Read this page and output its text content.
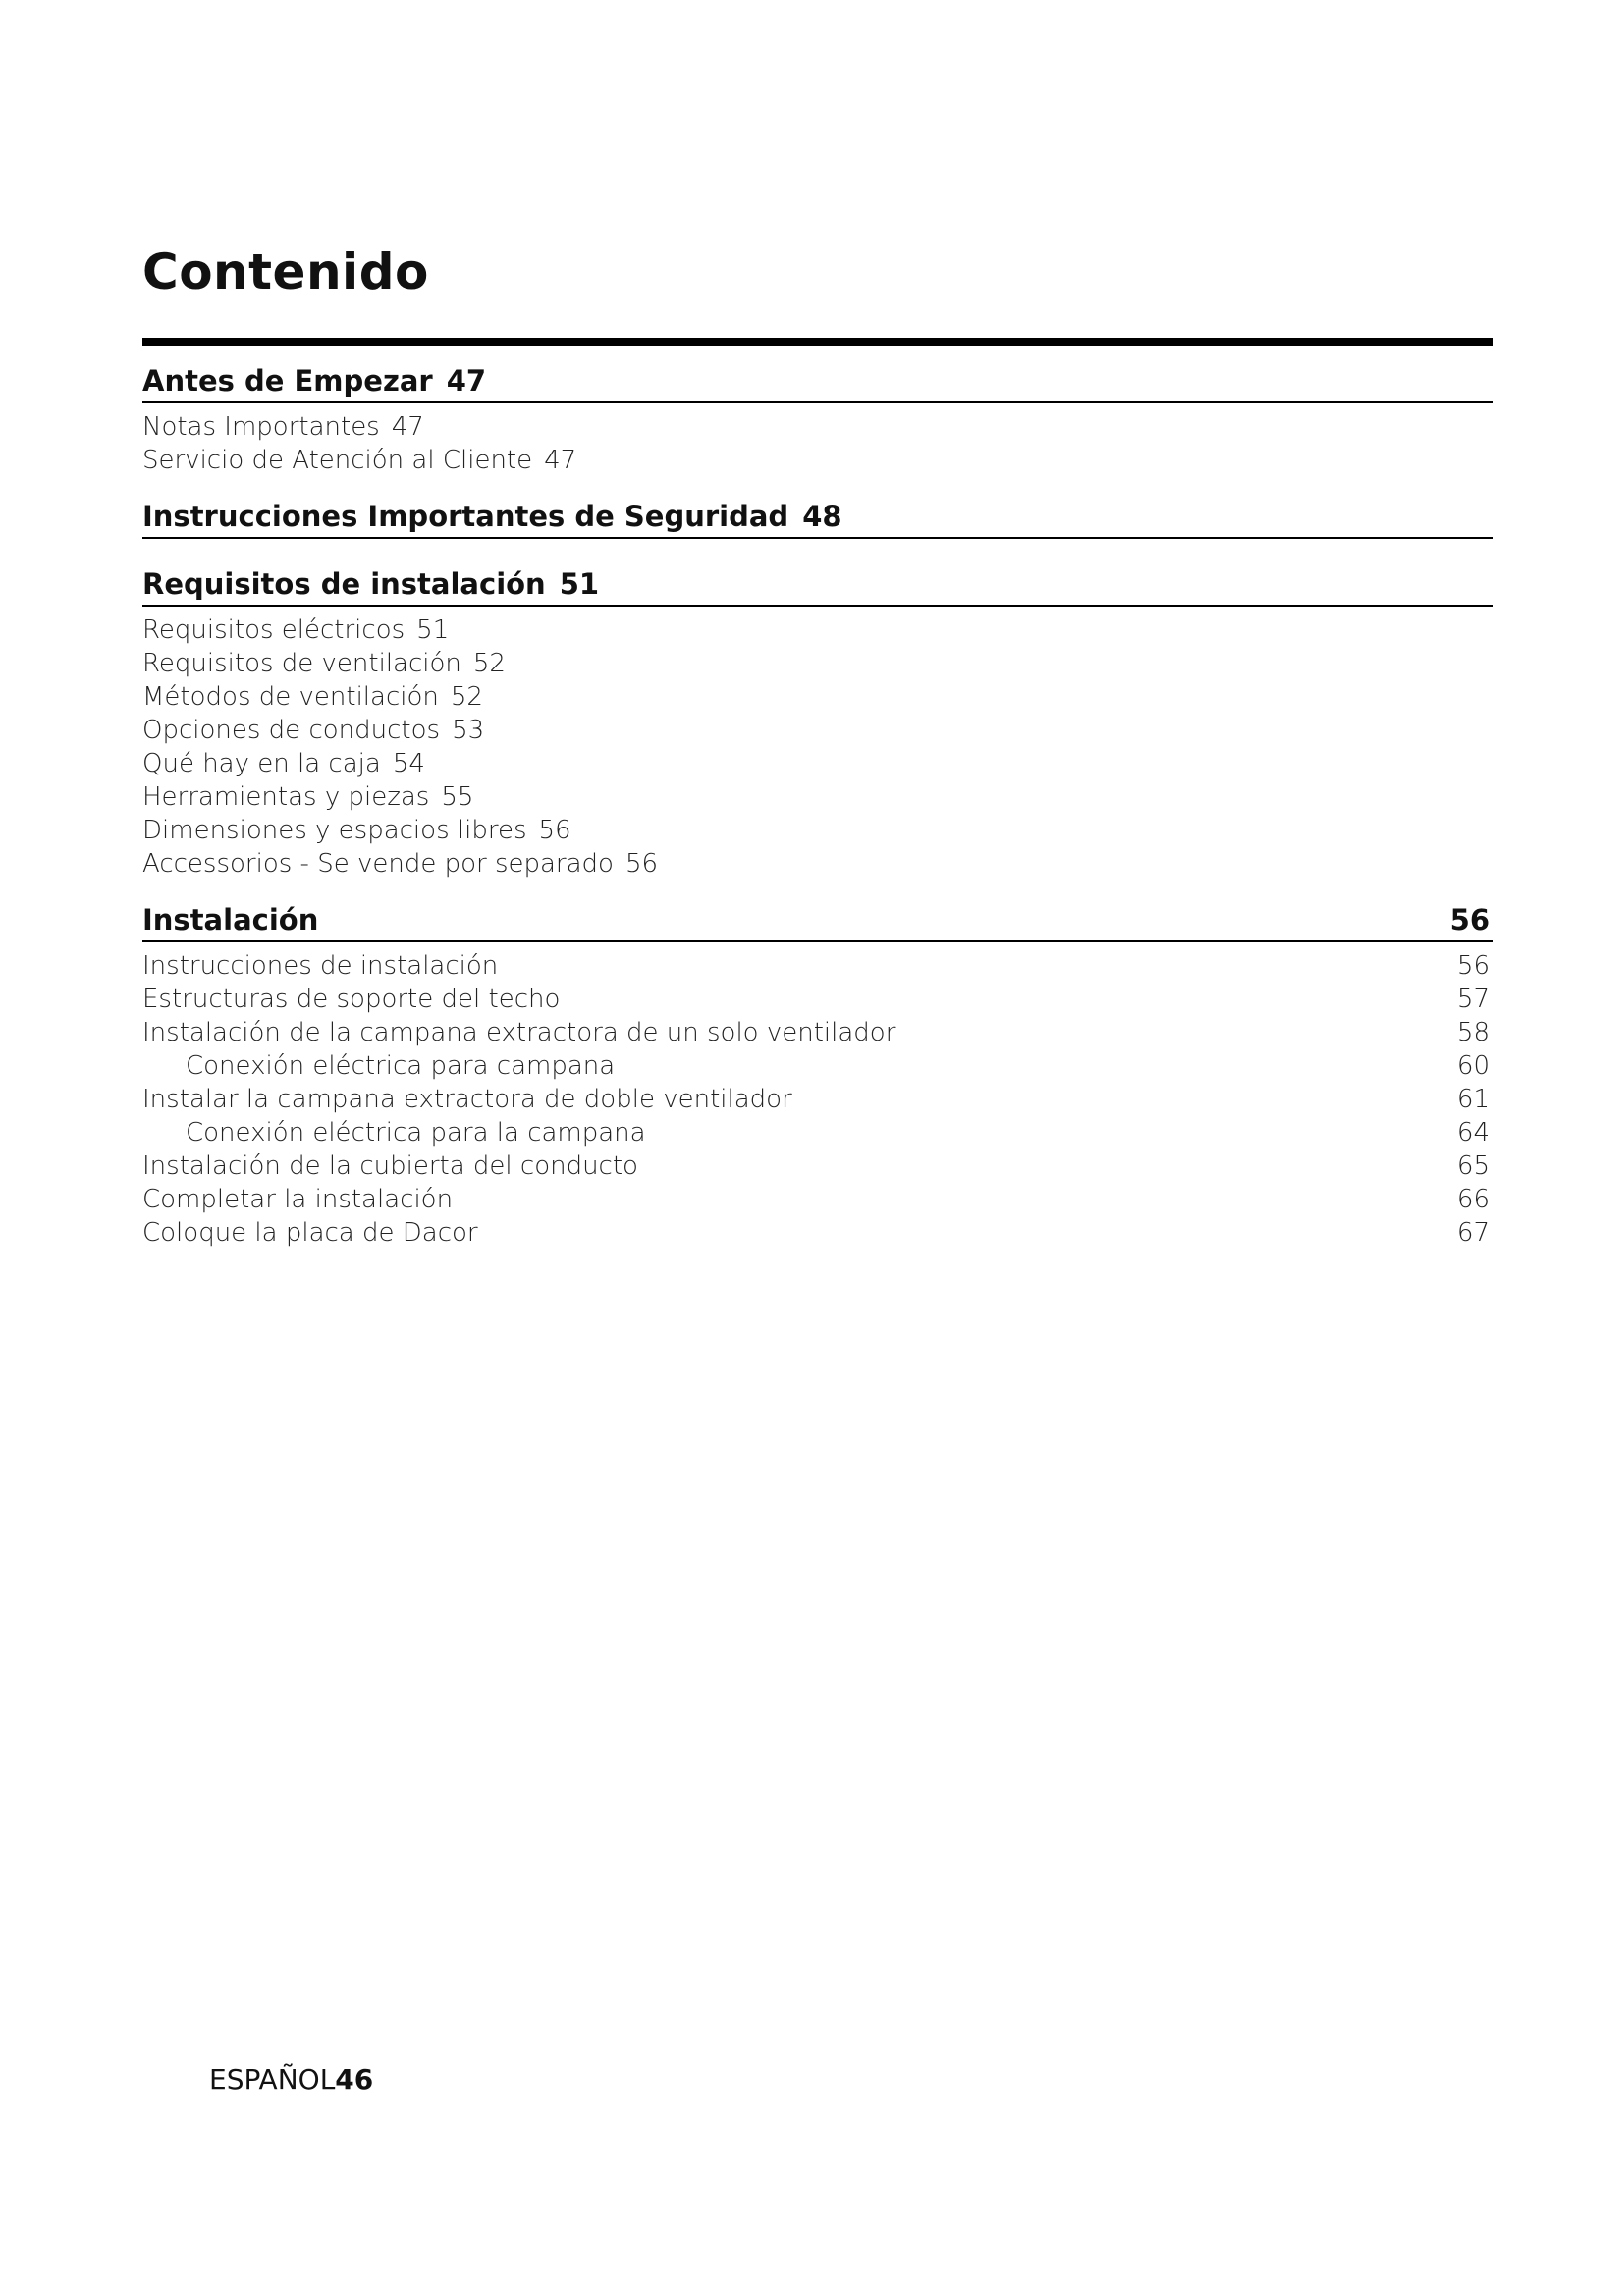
Contenido
Antes de Empezar 47
Notas Importantes 47
Servicio de Atención al Cliente 47
Instrucciones Importantes de Seguridad 48
Requisitos de instalación 51
Requisitos eléctricos 51
Requisitos de ventilación 52
Métodos de ventilación 52
Opciones de conductos 53
Qué hay en la caja 54
Herramientas y piezas 55
Dimensiones y espacios libres 56
Accessorios - Se vende por separado 56
Instalación	56
Instrucciones de instalación	56
Estructuras de soporte del techo	57
Instalación de la campana extractora de un solo ventilador	58
Conexión eléctrica para campana	60
Instalar la campana extractora de doble ventilador	61
Conexión eléctrica para la campana	64
Instalación de la cubierta del conducto	65
Completar la instalación	66
Coloque la placa de Dacor	67
ESPAÑOL46
